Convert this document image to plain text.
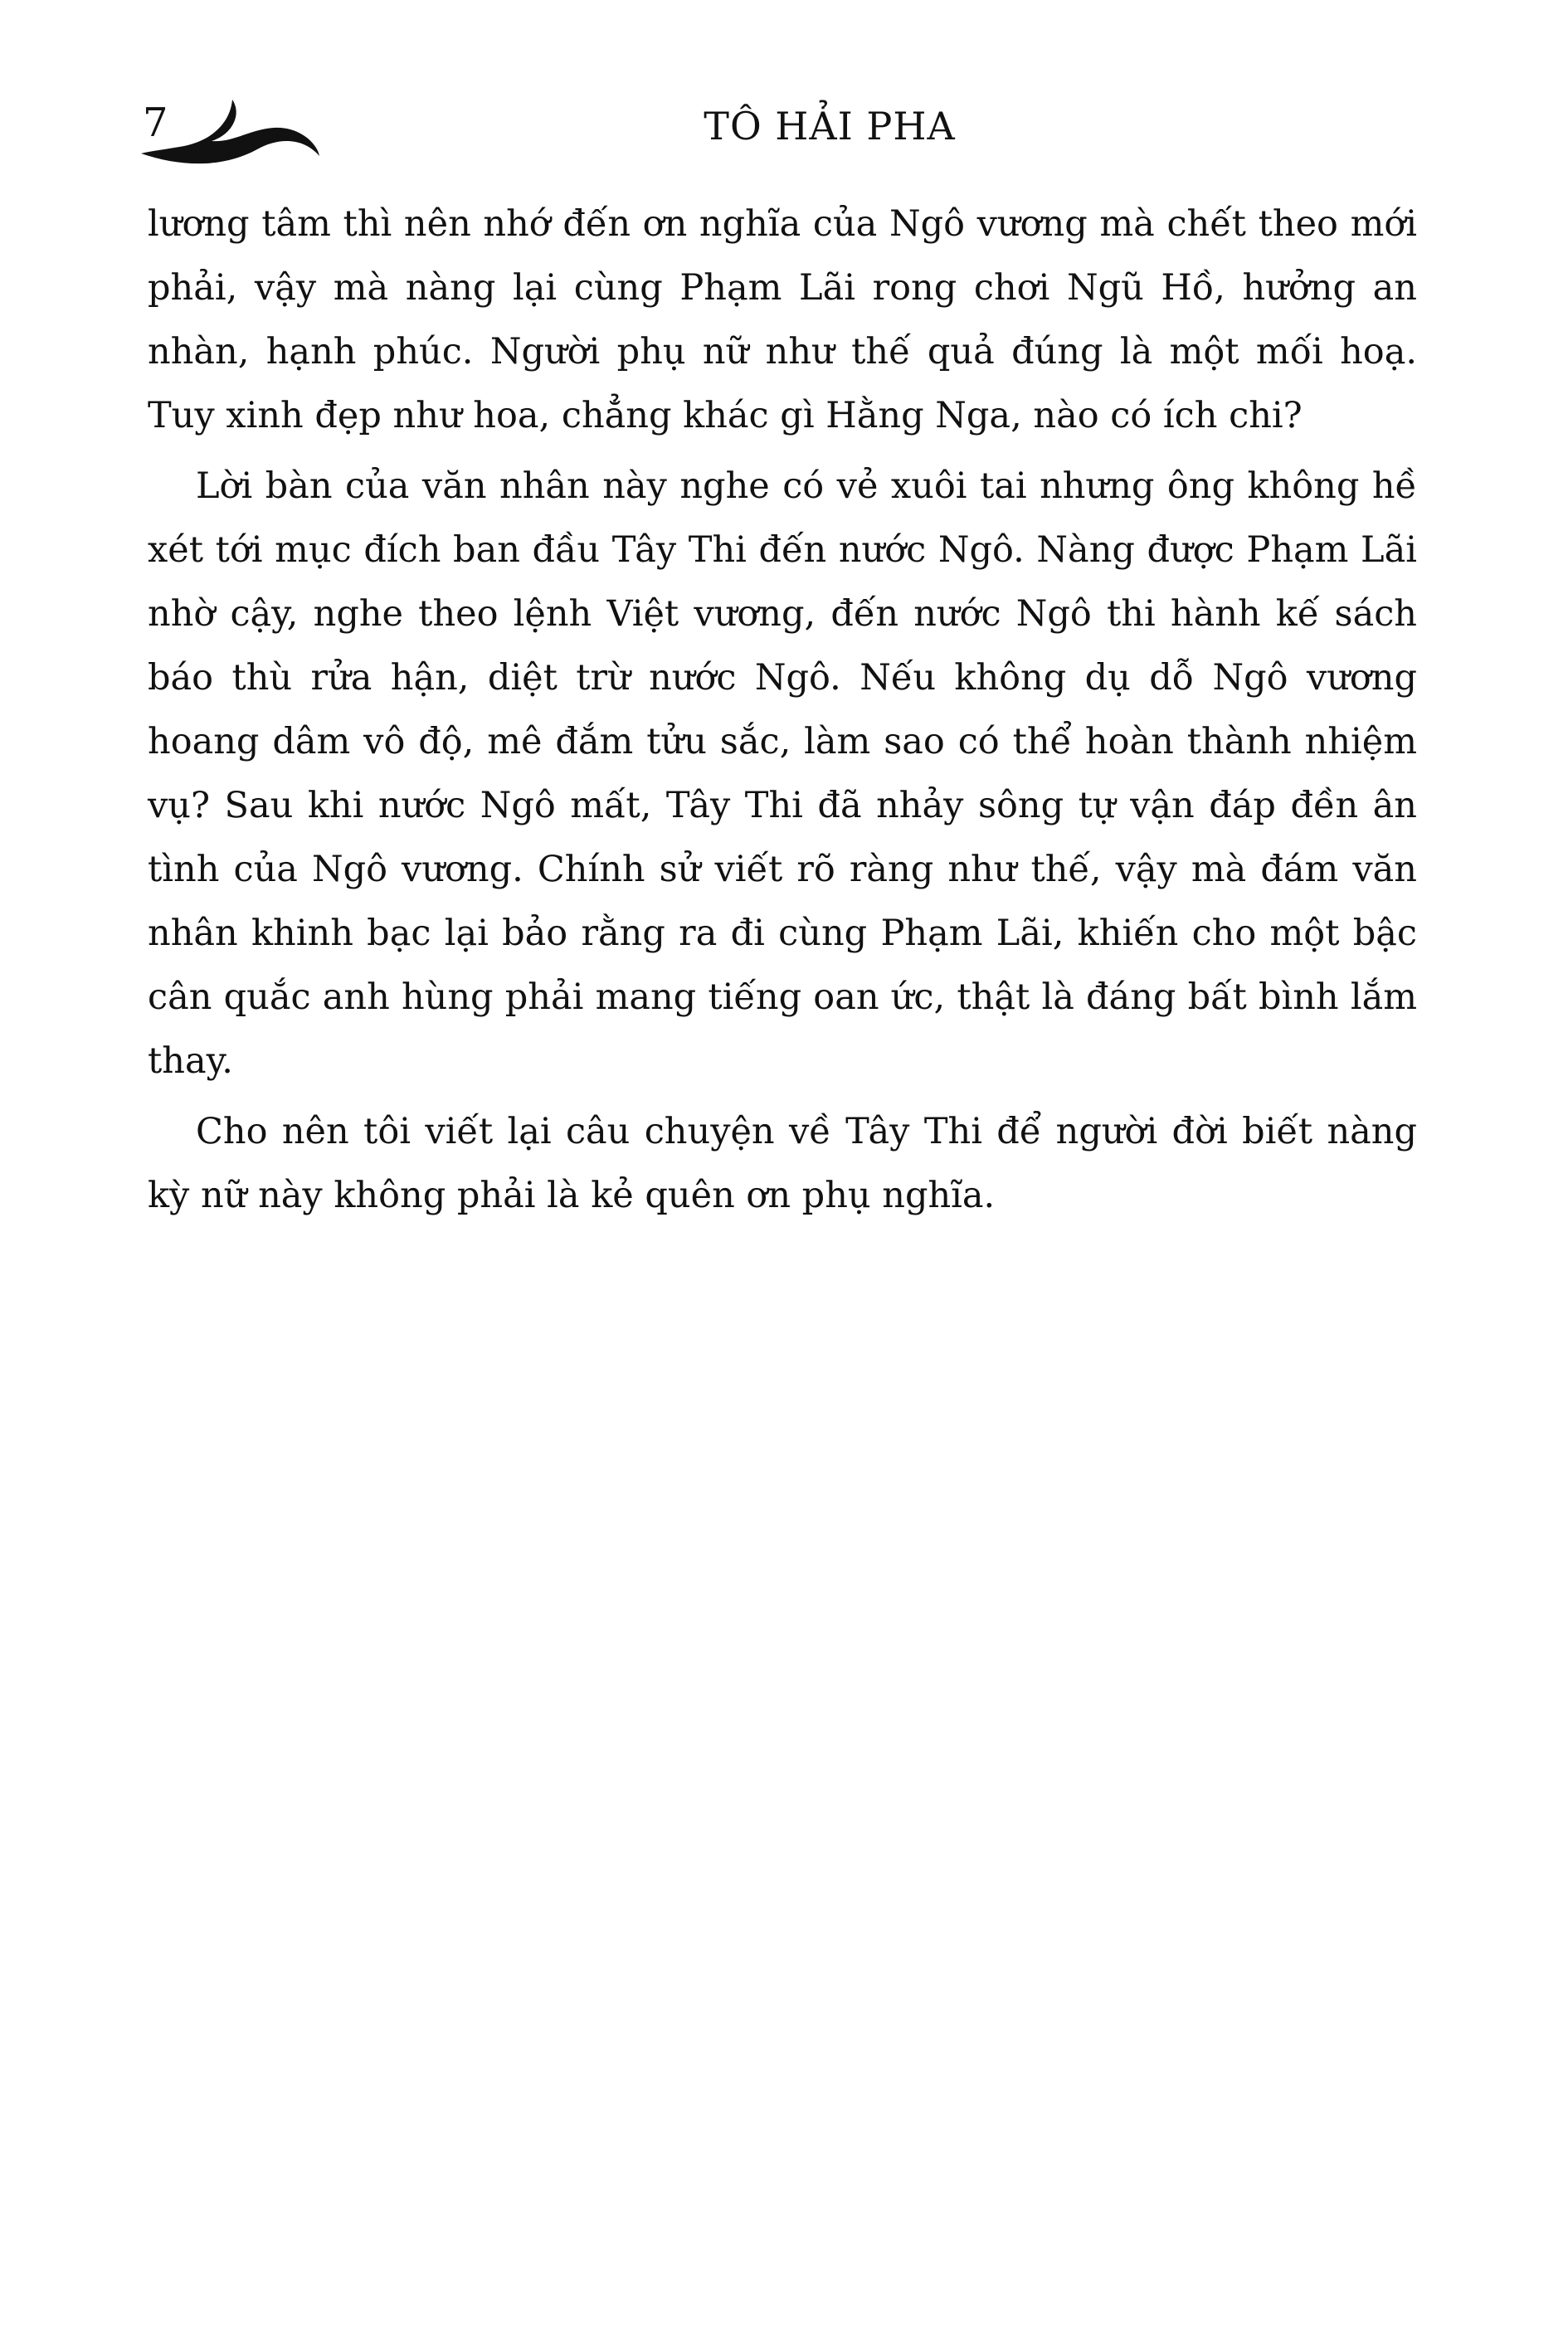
7	TÔ HẢI PHA

lương tâm thì nên nhớ đến ơn nghĩa của Ngô vương mà chết theo mới phải, vậy mà nàng lại cùng Phạm Lãi rong chơi Ngũ Hồ, hưởng an nhàn, hạnh phúc. Người phụ nữ như thế quả đúng là một mối hoạ. Tuy xinh đẹp như hoa, chẳng khác gì Hằng Nga, nào có ích chi?

Lời bàn của văn nhân này nghe có vẻ xuôi tai nhưng ông không hề xét tới mục đích ban đầu Tây Thi đến nước Ngô. Nàng được Phạm Lãi nhờ cậy, nghe theo lệnh Việt vương, đến nước Ngô thi hành kế sách báo thù rửa hận, diệt trừ nước Ngô. Nếu không dụ dỗ Ngô vương hoang dâm vô độ, mê đắm tửu sắc, làm sao có thể hoàn thành nhiệm vụ? Sau khi nước Ngô mất, Tây Thi đã nhảy sông tự vận đáp đền ân tình của Ngô vương. Chính sử viết rõ ràng như thế, vậy mà đám văn nhân khinh bạc lại bảo rằng ra đi cùng Phạm Lãi, khiến cho một bậc cân quắc anh hùng phải mang tiếng oan ức, thật là đáng bất bình lắm thay.

Cho nên tôi viết lại câu chuyện về Tây Thi để người đời biết nàng kỳ nữ này không phải là kẻ quên ơn phụ nghĩa.
